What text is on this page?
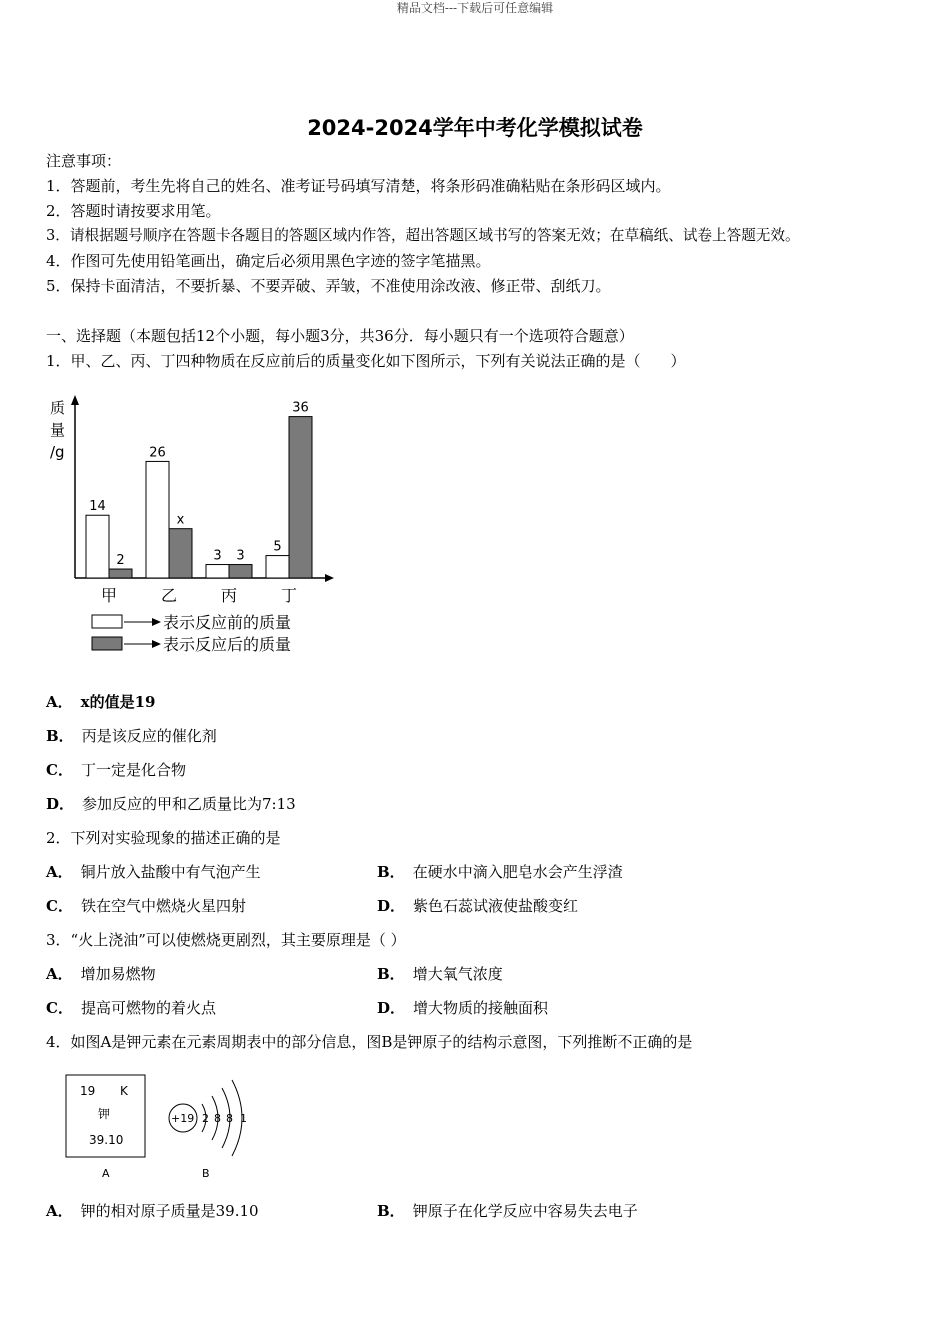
精品文档---下载后可任意编辑
2024-2024学年中考化学模拟试卷
注意事项：
1．答题前，考生先将自己的姓名、准考证号码填写清楚，将条形码准确粘贴在条形码区域内。
2．答题时请按要求用笔。
3．请根据题号顺序在答题卡各题目的答题区域内作答，超出答题区域书写的答案无效；在草稿纸、试卷上答题无效。
4．作图可先使用铅笔画出，确定后必须用黑色字迹的签字笔描黑。
5．保持卡面清洁，不要折暴、不要弄破、弄皱，不准使用涂改液、修正带、刮纸刀。
一、选择题（本题包括12个小题，每小题3分，共36分．每小题只有一个选项符合题意）
1．甲、乙、丙、丁四种物质在反应前后的质量变化如下图所示，下列有关说法正确的是（　　）
质
量
/g
14
2
甲
26
x
乙
3 3
丙
5
36
丁
表示反应前的质量
表示反应后的质量
A． x的值是19
B． 丙是该反应的催化剂
C． 丁一定是化合物
D． 参加反应的甲和乙质量比为7:13
2．下列对实验现象的描述正确的是
A． 铜片放入盐酸中有气泡产生	B． 在硬水中滴入肥皂水会产生浮渣
C． 铁在空气中燃烧火星四射	D． 紫色石蕊试液使盐酸变红
3．“火上浇油”可以使燃烧更剧烈，其主要原理是（ ）
A． 增加易燃物	B． 增大氧气浓度
C． 提高可燃物的着火点	D． 增大物质的接触面积
4．如图A是钾元素在元素周期表中的部分信息，图B是钾原子的结构示意图，下列推断不正确的是
19 K
钾
39.10
A
+19 2 8 8 1
B
A． 钾的相对原子质量是39.10	B． 钾原子在化学反应中容易失去电子
